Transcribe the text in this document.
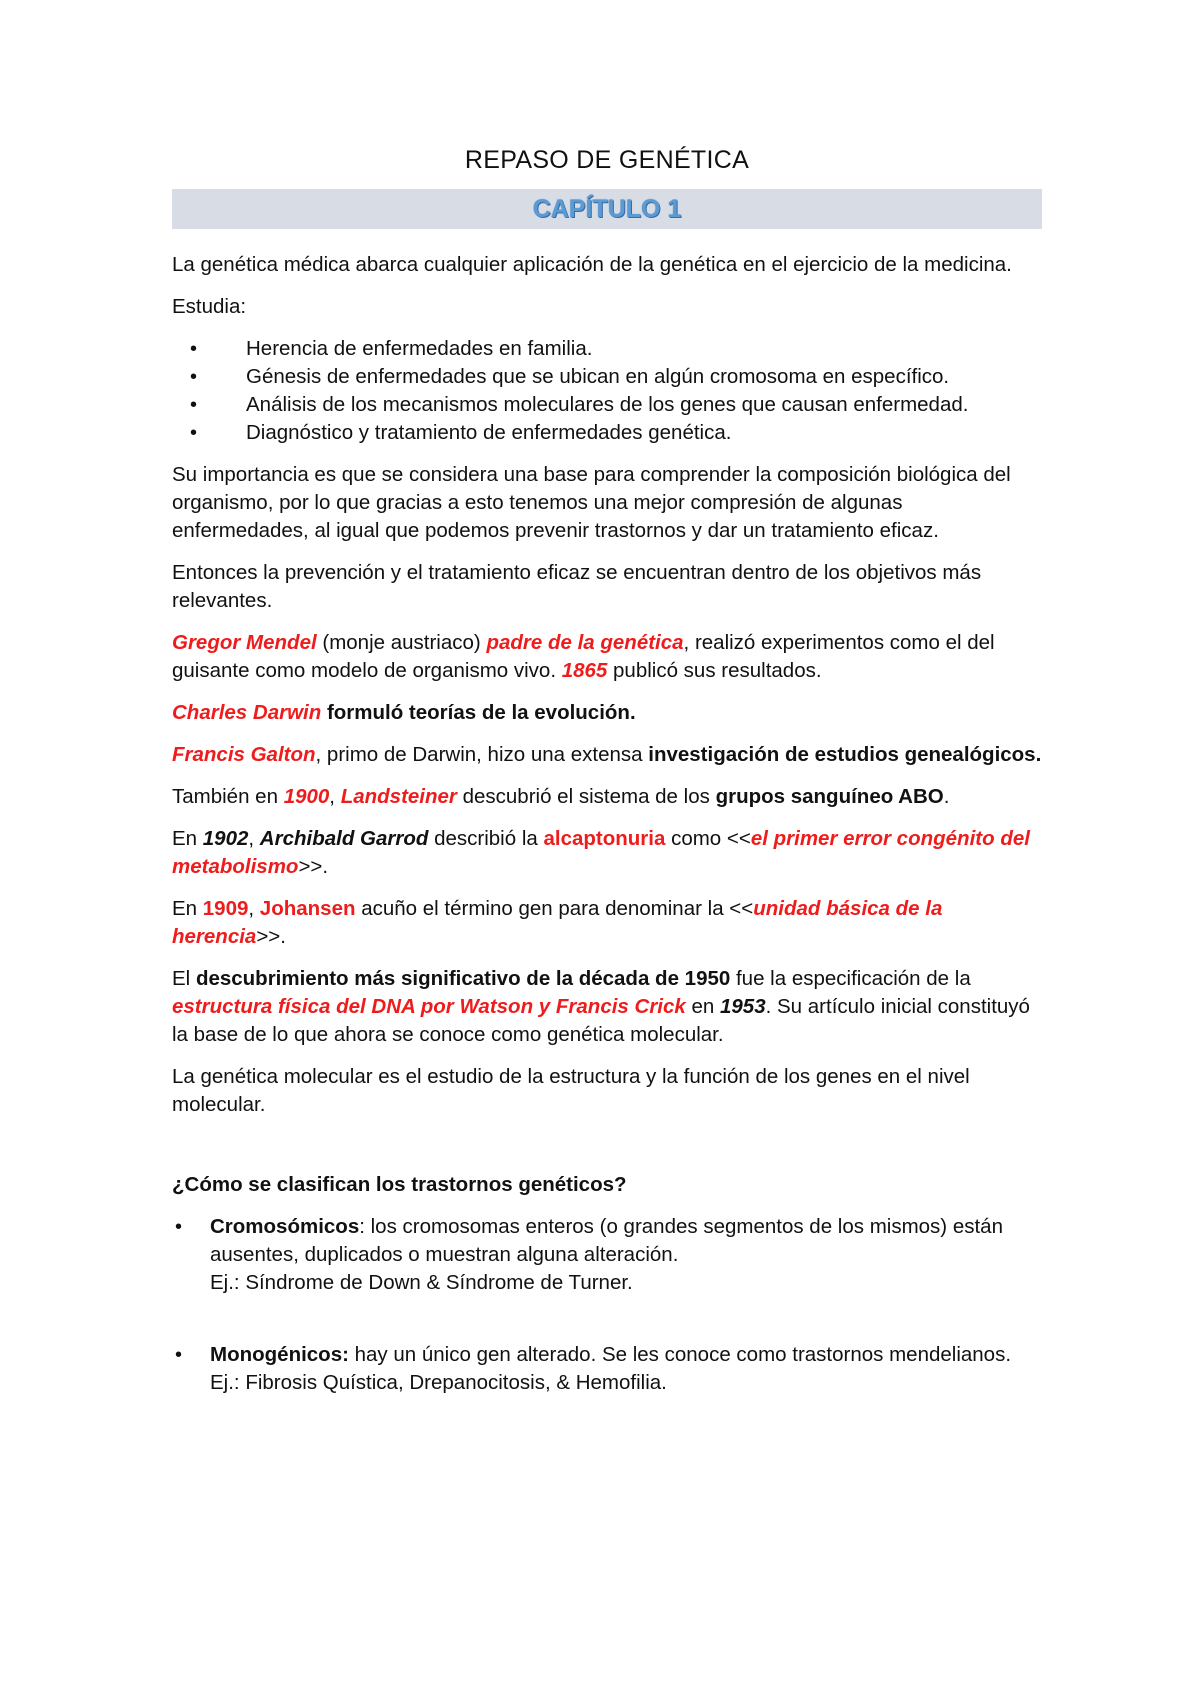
REPASO DE GENÉTICA
CAPÍTULO 1

La genética médica abarca cualquier aplicación de la genética en el ejercicio de la medicina.

Estudia:

• Herencia de enfermedades en familia.
• Génesis de enfermedades que se ubican en algún cromosoma en específico.
• Análisis de los mecanismos moleculares de los genes que causan enfermedad.
• Diagnóstico y tratamiento de enfermedades genética.

Su importancia es que se considera una base para comprender la composición biológica del organismo, por lo que gracias a esto tenemos una mejor compresión de algunas enfermedades, al igual que podemos prevenir trastornos y dar un tratamiento eficaz.

Entonces la prevención y el tratamiento eficaz se encuentran dentro de los objetivos más relevantes.

Gregor Mendel (monje austriaco) padre de la genética, realizó experimentos como el del guisante como modelo de organismo vivo. 1865 publicó sus resultados.

Charles Darwin formuló teorías de la evolución.

Francis Galton, primo de Darwin, hizo una extensa investigación de estudios genealógicos.

También en 1900, Landsteiner descubrió el sistema de los grupos sanguíneo ABO.

En 1902, Archibald Garrod describió la alcaptonuria como <<el primer error congénito del metabolismo>>.

En 1909, Johansen acuño el término gen para denominar la <<unidad básica de la herencia>>.

El descubrimiento más significativo de la década de 1950 fue la especificación de la estructura física del DNA por Watson y Francis Crick en 1953. Su artículo inicial constituyó la base de lo que ahora se conoce como genética molecular.

La genética molecular es el estudio de la estructura y la función de los genes en el nivel molecular.

¿Cómo se clasifican los trastornos genéticos?

• Cromosómicos: los cromosomas enteros (o grandes segmentos de los mismos) están ausentes, duplicados o muestran alguna alteración.
Ej.: Síndrome de Down & Síndrome de Turner.
• Monogénicos: hay un único gen alterado. Se les conoce como trastornos mendelianos.
Ej.: Fibrosis Quística, Drepanocitosis, & Hemofilia.
